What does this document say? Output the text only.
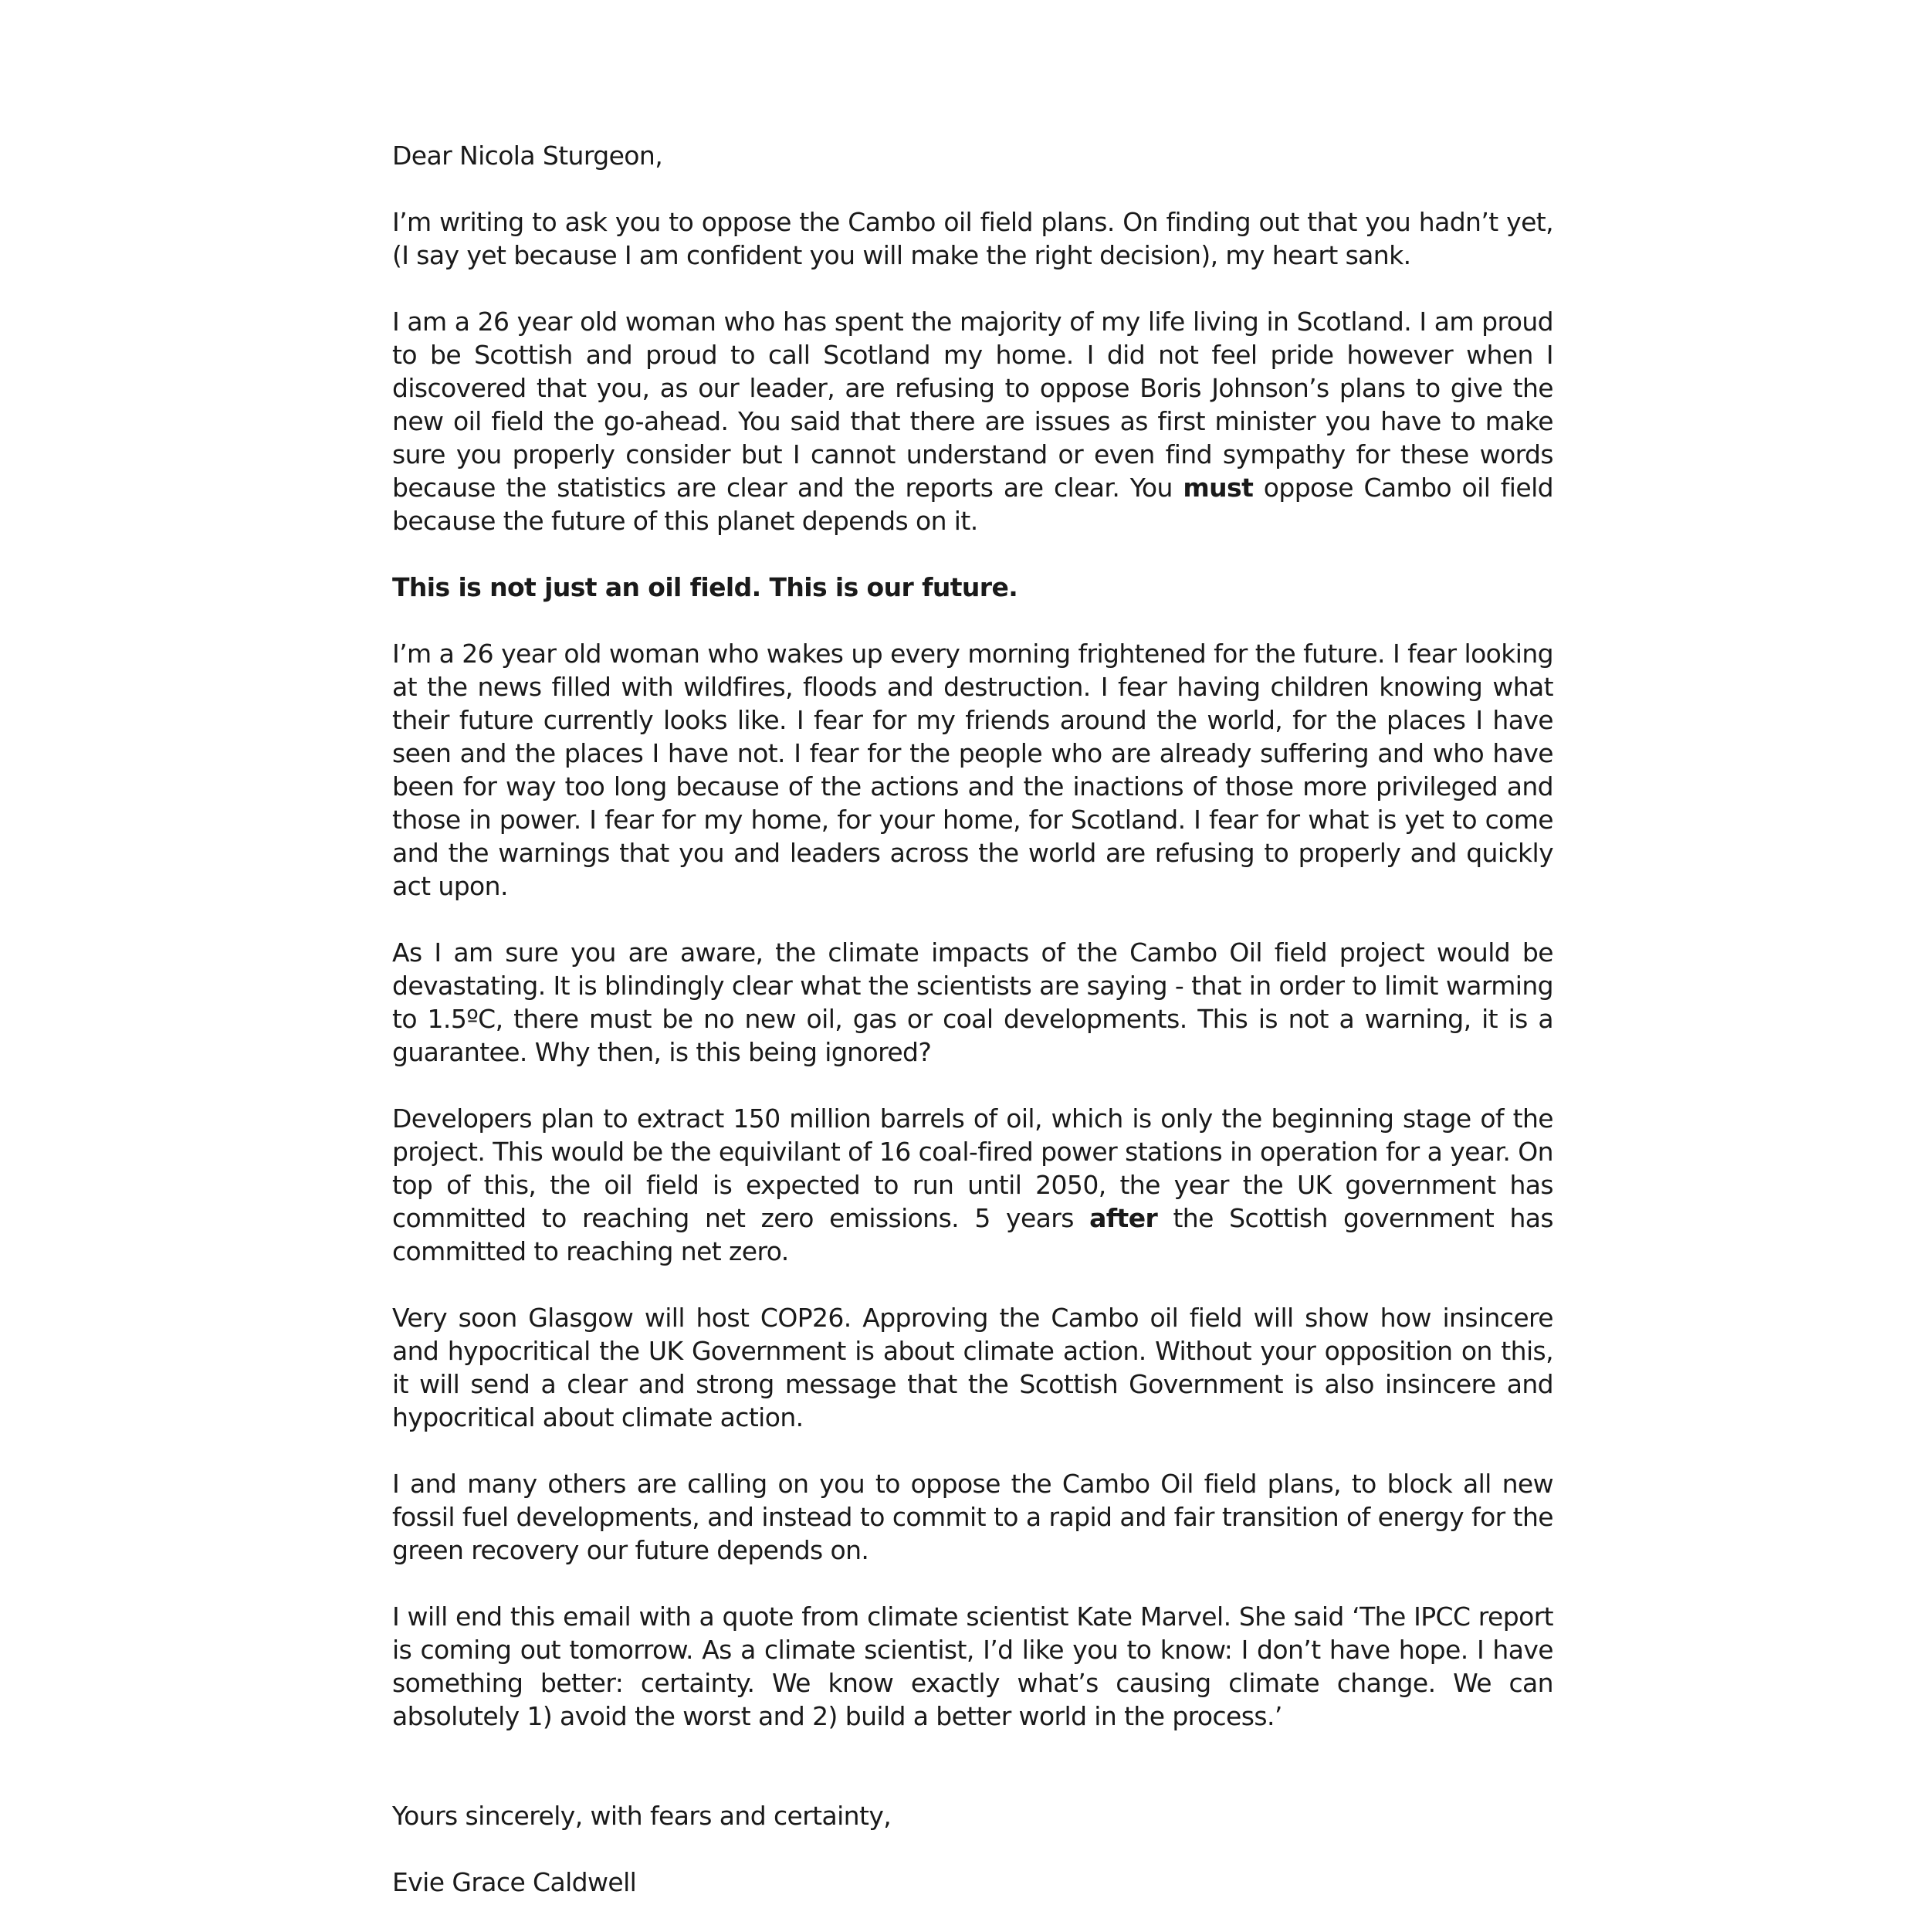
Dear Nicola Sturgeon,

I’m writing to ask you to oppose the Cambo oil field plans. On finding out that you hadn’t yet, (I say yet because I am confident you will make the right decision), my heart sank.

I am a 26 year old woman who has spent the majority of my life living in Scotland. I am proud to be Scottish and proud to call Scotland my home. I did not feel pride however when I discovered that you, as our leader, are refusing to oppose Boris Johnson’s plans to give the new oil field the go-ahead. You said that there are issues as first minister you have to make sure you properly consider but I cannot understand or even find sympathy for these words because the statistics are clear and the reports are clear. You must oppose Cambo oil field because the future of this planet depends on it.

This is not just an oil field. This is our future.

I’m a 26 year old woman who wakes up every morning frightened for the future. I fear looking at the news filled with wildfires, floods and destruction. I fear having children knowing what their future currently looks like. I fear for my friends around the world, for the places I have seen and the places I have not. I fear for the people who are already suffering and who have been for way too long because of the actions and the inactions of those more privileged and those in power. I fear for my home, for your home, for Scotland. I fear for what is yet to come and the warnings that you and leaders across the world are refusing to properly and quickly act upon.

As I am sure you are aware, the climate impacts of the Cambo Oil field project would be devastating. It is blindingly clear what the scientists are saying - that in order to limit warming to 1.5ºC, there must be no new oil, gas or coal developments. This is not a warning, it is a guarantee. Why then, is this being ignored?

Developers plan to extract 150 million barrels of oil, which is only the beginning stage of the project. This would be the equivilant of 16 coal-fired power stations in operation for a year. On top of this, the oil field is expected to run until 2050, the year the UK government has committed to reaching net zero emissions. 5 years after the Scottish government has committed to reaching net zero.

Very soon Glasgow will host COP26. Approving the Cambo oil field will show how insincere and hypocritical the UK Government is about climate action. Without your opposition on this, it will send a clear and strong message that the Scottish Government is also insincere and hypocritical about climate action.

I and many others are calling on you to oppose the Cambo Oil field plans, to block all new fossil fuel developments, and instead to commit to a rapid and fair transition of energy for the green recovery our future depends on.

I will end this email with a quote from climate scientist Kate Marvel. She said ‘The IPCC report is coming out tomorrow. As a climate scientist, I’d like you to know: I don’t have hope. I have something better: certainty. We know exactly what’s causing climate change. We can absolutely 1) avoid the worst and 2) build a better world in the process.’

Yours sincerely, with fears and certainty,

Evie Grace Caldwell
